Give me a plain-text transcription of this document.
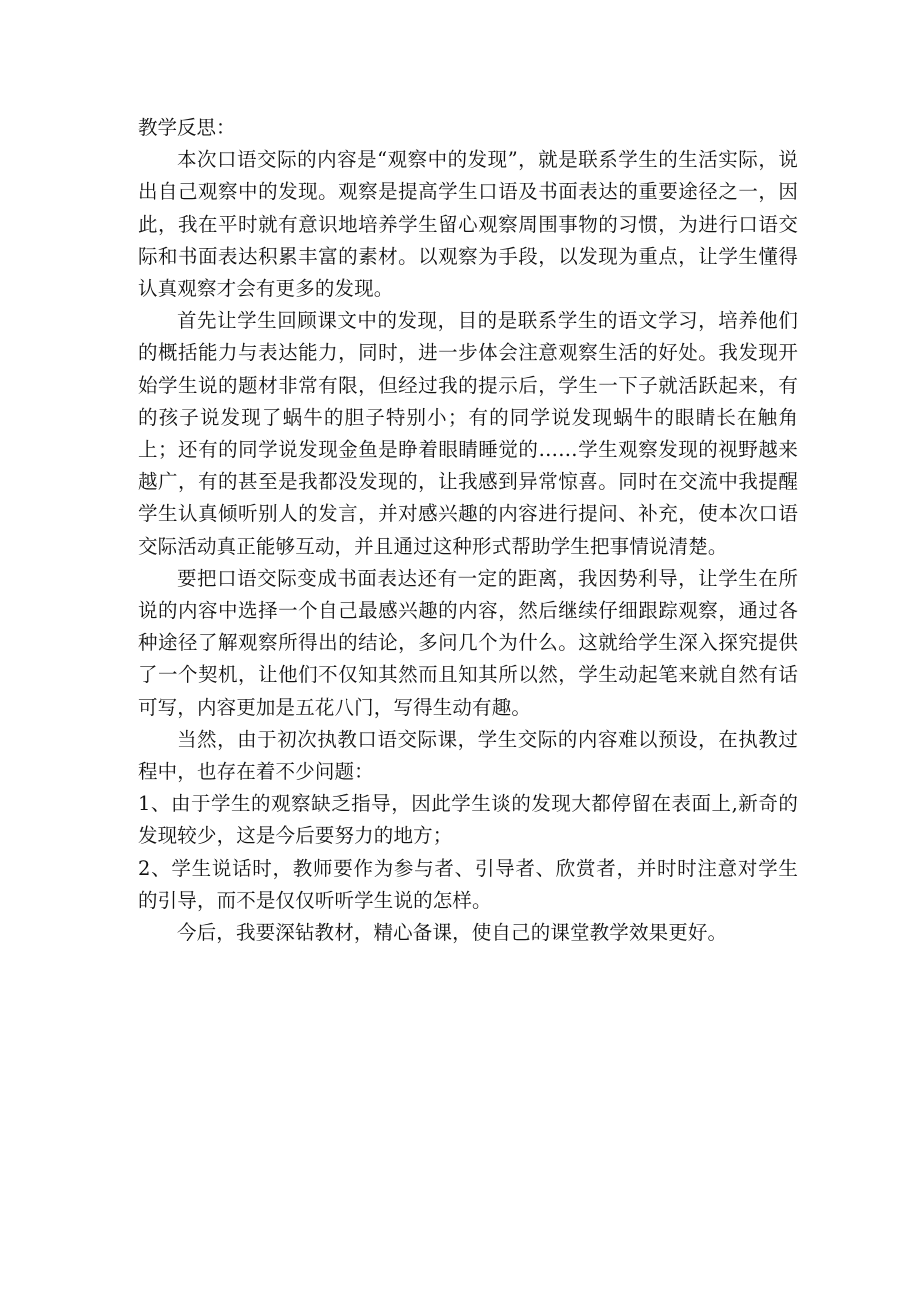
教学反思：

本次口语交际的内容是“观察中的发现”，就是联系学生的生活实际，说出自己观察中的发现。观察是提高学生口语及书面表达的重要途径之一，因此，我在平时就有意识地培养学生留心观察周围事物的习惯，为进行口语交际和书面表达积累丰富的素材。以观察为手段，以发现为重点，让学生懂得认真观察才会有更多的发现。

首先让学生回顾课文中的发现，目的是联系学生的语文学习，培养他们的概括能力与表达能力，同时，进一步体会注意观察生活的好处。我发现开始学生说的题材非常有限，但经过我的提示后，学生一下子就活跃起来，有的孩子说发现了蜗牛的胆子特别小；有的同学说发现蜗牛的眼睛长在触角上；还有的同学说发现金鱼是睁着眼睛睡觉的……学生观察发现的视野越来越广，有的甚至是我都没发现的，让我感到异常惊喜。同时在交流中我提醒学生认真倾听别人的发言，并对感兴趣的内容进行提问、补充，使本次口语交际活动真正能够互动，并且通过这种形式帮助学生把事情说清楚。

要把口语交际变成书面表达还有一定的距离，我因势利导，让学生在所说的内容中选择一个自己最感兴趣的内容，然后继续仔细跟踪观察，通过各种途径了解观察所得出的结论，多问几个为什么。这就给学生深入探究提供了一个契机，让他们不仅知其然而且知其所以然，学生动起笔来就自然有话可写，内容更加是五花八门，写得生动有趣。

当然，由于初次执教口语交际课，学生交际的内容难以预设，在执教过程中，也存在着不少问题：

1、由于学生的观察缺乏指导，因此学生谈的发现大都停留在表面上,新奇的发现较少，这是今后要努力的地方；

2、学生说话时，教师要作为参与者、引导者、欣赏者，并时时注意对学生的引导，而不是仅仅听听学生说的怎样。

今后，我要深钻教材，精心备课，使自己的课堂教学效果更好。
